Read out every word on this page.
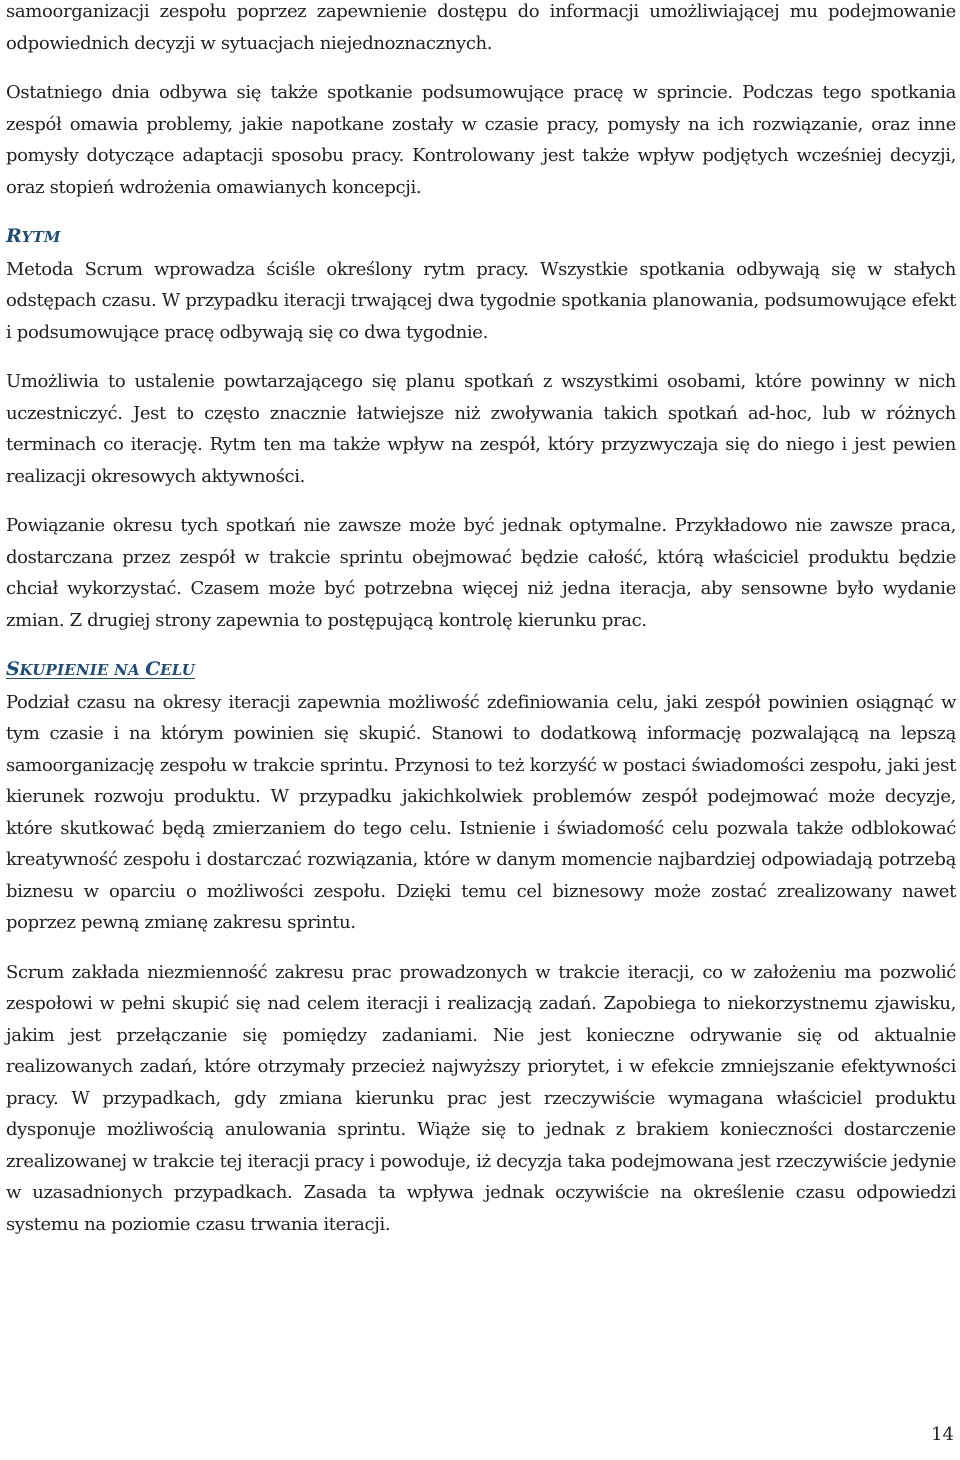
samoorganizacji zespołu poprzez zapewnienie dostępu do informacji umożliwiającej mu podejmowanie odpowiednich decyzji w sytuacjach niejednoznacznych.

Ostatniego dnia odbywa się także spotkanie podsumowujące pracę w sprincie. Podczas tego spotkania zespół omawia problemy, jakie napotkane zostały w czasie pracy, pomysły na ich rozwiązanie, oraz inne pomysły dotyczące adaptacji sposobu pracy. Kontrolowany jest także wpływ podjętych wcześniej decyzji, oraz stopień wdrożenia omawianych koncepcji.

RYTM

Metoda Scrum wprowadza ściśle określony rytm pracy. Wszystkie spotkania odbywają się w stałych odstępach czasu. W przypadku iteracji trwającej dwa tygodnie spotkania planowania, podsumowujące efekt i podsumowujące pracę odbywają się co dwa tygodnie.

Umożliwia to ustalenie powtarzającego się planu spotkań z wszystkimi osobami, które powinny w nich uczestniczyć. Jest to często znacznie łatwiejsze niż zwoływania takich spotkań ad-hoc, lub w różnych terminach co iterację. Rytm ten ma także wpływ na zespół, który przyzwyczaja się do niego i jest pewien realizacji okresowych aktywności.

Powiązanie okresu tych spotkań nie zawsze może być jednak optymalne. Przykładowo nie zawsze praca, dostarczana przez zespół w trakcie sprintu obejmować będzie całość, którą właściciel produktu będzie chciał wykorzystać. Czasem może być potrzebna więcej niż jedna iteracja, aby sensowne było wydanie zmian. Z drugiej strony zapewnia to postępującą kontrolę kierunku prac.

SKUPIENIE NA CELU

Podział czasu na okresy iteracji zapewnia możliwość zdefiniowania celu, jaki zespół powinien osiągnąć w tym czasie i na którym powinien się skupić. Stanowi to dodatkową informację pozwalającą na lepszą samoorganizację zespołu w trakcie sprintu. Przynosi to też korzyść w postaci świadomości zespołu, jaki jest kierunek rozwoju produktu. W przypadku jakichkolwiek problemów zespół podejmować może decyzje, które skutkować będą zmierzaniem do tego celu. Istnienie i świadomość celu pozwala także odblokować kreatywność zespołu i dostarczać rozwiązania, które w danym momencie najbardziej odpowiadają potrzebą biznesu w oparciu o możliwości zespołu. Dzięki temu cel biznesowy może zostać zrealizowany nawet poprzez pewną zmianę zakresu sprintu.

Scrum zakłada niezmienność zakresu prac prowadzonych w trakcie iteracji, co w założeniu ma pozwolić zespołowi w pełni skupić się nad celem iteracji i realizacją zadań. Zapobiega to niekorzystnemu zjawisku, jakim jest przełączanie się pomiędzy zadaniami. Nie jest konieczne odrywanie się od aktualnie realizowanych zadań, które otrzymały przecież najwyższy priorytet, i w efekcie zmniejszanie efektywności pracy. W przypadkach, gdy zmiana kierunku prac jest rzeczywiście wymagana właściciel produktu dysponuje możliwością anulowania sprintu. Wiąże się to jednak z brakiem konieczności dostarczenie zrealizowanej w trakcie tej iteracji pracy i powoduje, iż decyzja taka podejmowana jest rzeczywiście jedynie w uzasadnionych przypadkach. Zasada ta wpływa jednak oczywiście na określenie czasu odpowiedzi systemu na poziomie czasu trwania iteracji.

14
